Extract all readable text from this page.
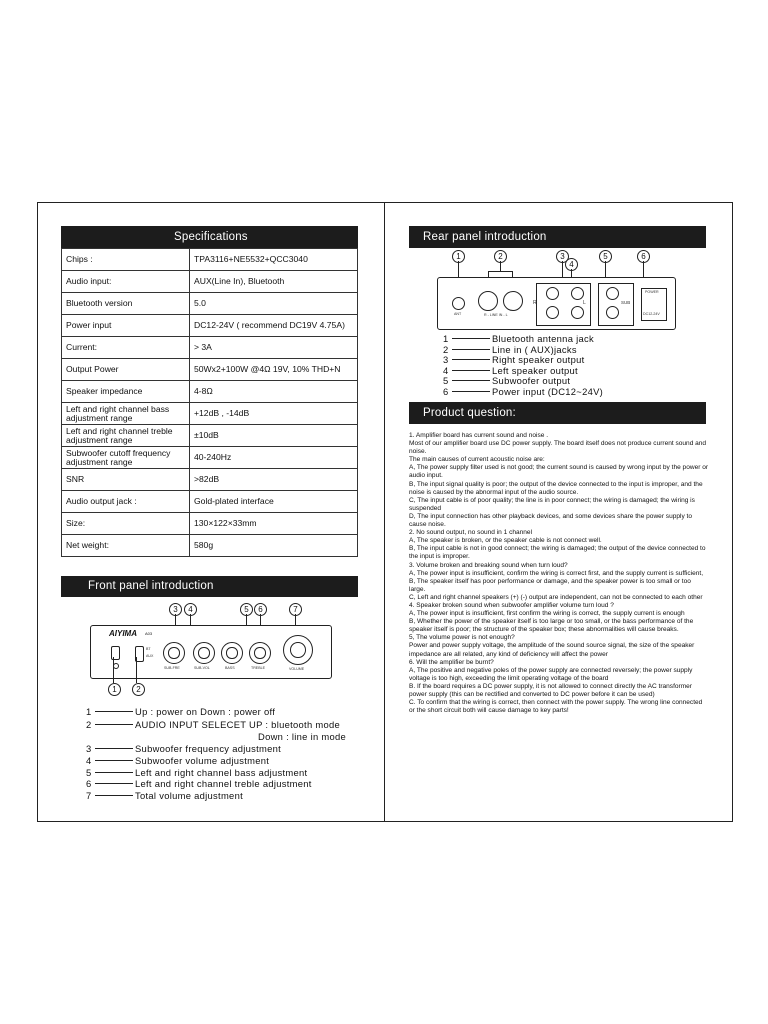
Specifications
Chips :	TPA3116+NE5532+QCC3040
Audio input:	AUX(Line In), Bluetooth
Bluetooth version	5.0
Power input	DC12-24V ( recommend DC19V 4.75A)
Current:	> 3A
Output Power	50Wx2+100W @4Ω 19V, 10% THD+N
Speaker impedance	4-8Ω
Left and right channel bass adjustment range	+12dB , -14dB
Left and right channel treble adjustment range	±10dB
Subwoofer cutoff frequency adjustment range	40-240Hz
SNR	>82dB
Audio output jack :	Gold-plated interface
Size:	130×122×33mm
Net weight:	580g
Front panel introduction
3	4	5	6	7
AIYIMA A03
BT
AUX
SUB-FRE	SUB-VOL	BASS	TREBLE	VOLUME
1	2
1	Up : power on Down : power off
2	AUDIO INPUT SELECET UP : bluetooth mode
Down : line in mode
3	Subwoofer frequency adjustment
4	Subwoofer volume adjustment
5	Left and right channel bass adjustment
6	Left and right channel treble adjustment
7	Total volume adjustment
Rear panel introduction
1	2	3
4
5	6
ANT	R - LINE IN - L
R	L	SUB
POWER
DC12-24V
1	Bluetooth antenna jack
2	Line in ( AUX)jacks
3	Right speaker output
4	Left speaker output
5	Subwoofer output
6	Power input (DC12~24V)
Product question:
1. Amplifier board has current sound and noise .
Most of our amplifier board use DC power supply. The board itself does not produce current sound and noise.
The main causes of current acoustic noise are:
A, The power supply filter used is not good; the current sound is caused by wrong input by the power or audio input.
B, The input signal quality is poor; the output of the device connected to the input is improper, and the noise is caused by the abnormal input of the audio source.
C, The input cable is of poor quality; the line is in poor connect; the wiring is damaged; the wiring is suspended
D, The input connection has other playback devices, and some devices share the power supply to cause noise.
2. No sound output, no sound in 1 channel
A, The speaker is broken, or the speaker cable is not connect well.
B, The input cable is not in good connect; the wiring is damaged; the output of the device connected to the input is improper.
3. Volume broken and breaking sound when turn loud?
A, The power input is insufficient, confirm the wiring is correct first, and the supply current is sufficient,
B, The speaker itself has poor performance or damage, and the speaker power is too small or too large.
C, Left and right channel speakers (+) (-) output are independent, can not be connected to each other
4. Speaker broken sound when subwoofer amplifier volume turn loud ?
A, The power input is insufficient, first confirm the wiring is correct, the supply current is enough
B, Whether the power of the speaker itself is too large or too small, or the bass performance of the speaker itself is poor; the structure of the speaker box; these abnormalities will cause breaks.
5, The volume power is not enough?
Power and power supply voltage, the amplitude of the sound source signal, the size of the speaker impedance are all related, any kind of deficiency will affect the power
6. Will the amplifier be burnt?
A, The positive and negative poles of the power supply are connected reversely; the power supply voltage is too high, exceeding the limit operating voltage of the board
B. If the board requires a DC power supply, it is not allowed to connect directly the AC transformer power supply (this can be rectified and converted to DC power before it can be used)
C. To confirm that the wiring is correct, then connect with the power supply. The wrong line connected or the short circuit both will cause damage to key parts!
